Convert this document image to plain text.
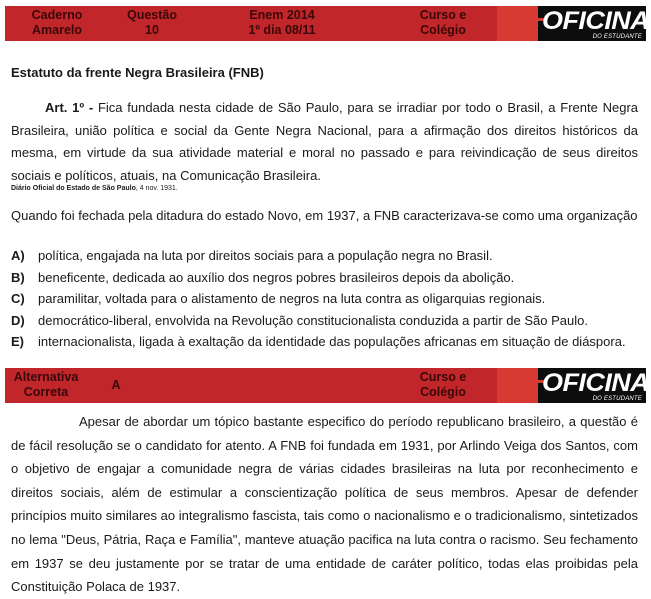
Caderno
Amarelo
Questão
10
Enem 2014
1º dia 08/11
Curso e
Colégio	OFICINA
DO ESTUDANTE
Estatuto da frente Negra Brasileira (FNB)
Art. 1º - Fica fundada nesta cidade de São Paulo, para se irradiar por todo o Brasil, a Frente Negra Brasileira, união política e social da Gente Negra Nacional, para a afirmação dos direitos históricos da mesma, em virtude da sua atividade material e moral no passado e para reivindicação de seus direitos sociais e políticos, atuais, na Comunicação Brasileira.
Diário Oficial do Estado de São Paulo, 4 nov. 1931.
Quando foi fechada pela ditadura do estado Novo, em 1937, a FNB caracterizava-se como uma organização
A)	política, engajada na luta por direitos sociais para a população negra no Brasil.
B)	beneficente, dedicada ao auxílio dos negros pobres brasileiros depois da abolição.
C)	paramilitar, voltada para o alistamento de negros na luta contra as oligarquias regionais.
D)	democrático-liberal, envolvida na Revolução constitucionalista conduzida a partir de São Paulo.
E)	internacionalista, ligada à exaltação da identidade das populações africanas em situação de diáspora.
Alternativa
Correta	A
Curso e
Colégio	OFICINA
DO ESTUDANTE
Apesar de abordar um tópico bastante especifico do período republicano brasileiro, a questão é de fácil resolução se o candidato for atento. A FNB foi fundada em 1931, por Arlindo Veiga dos Santos, com o objetivo de engajar a comunidade negra de várias cidades brasileiras na luta por reconhecimento e direitos sociais, além de estimular a conscientização política de seus membros. Apesar de defender princípios muito similares ao integralismo fascista, tais como o nacionalismo e o tradicionalismo, sintetizados no lema "Deus, Pátria, Raça e Família", manteve atuação pacifica na luta contra o racismo. Seu fechamento em 1937 se deu justamente por se tratar de uma entidade de caráter político, todas elas proibidas pela Constituição Polaca de 1937.
